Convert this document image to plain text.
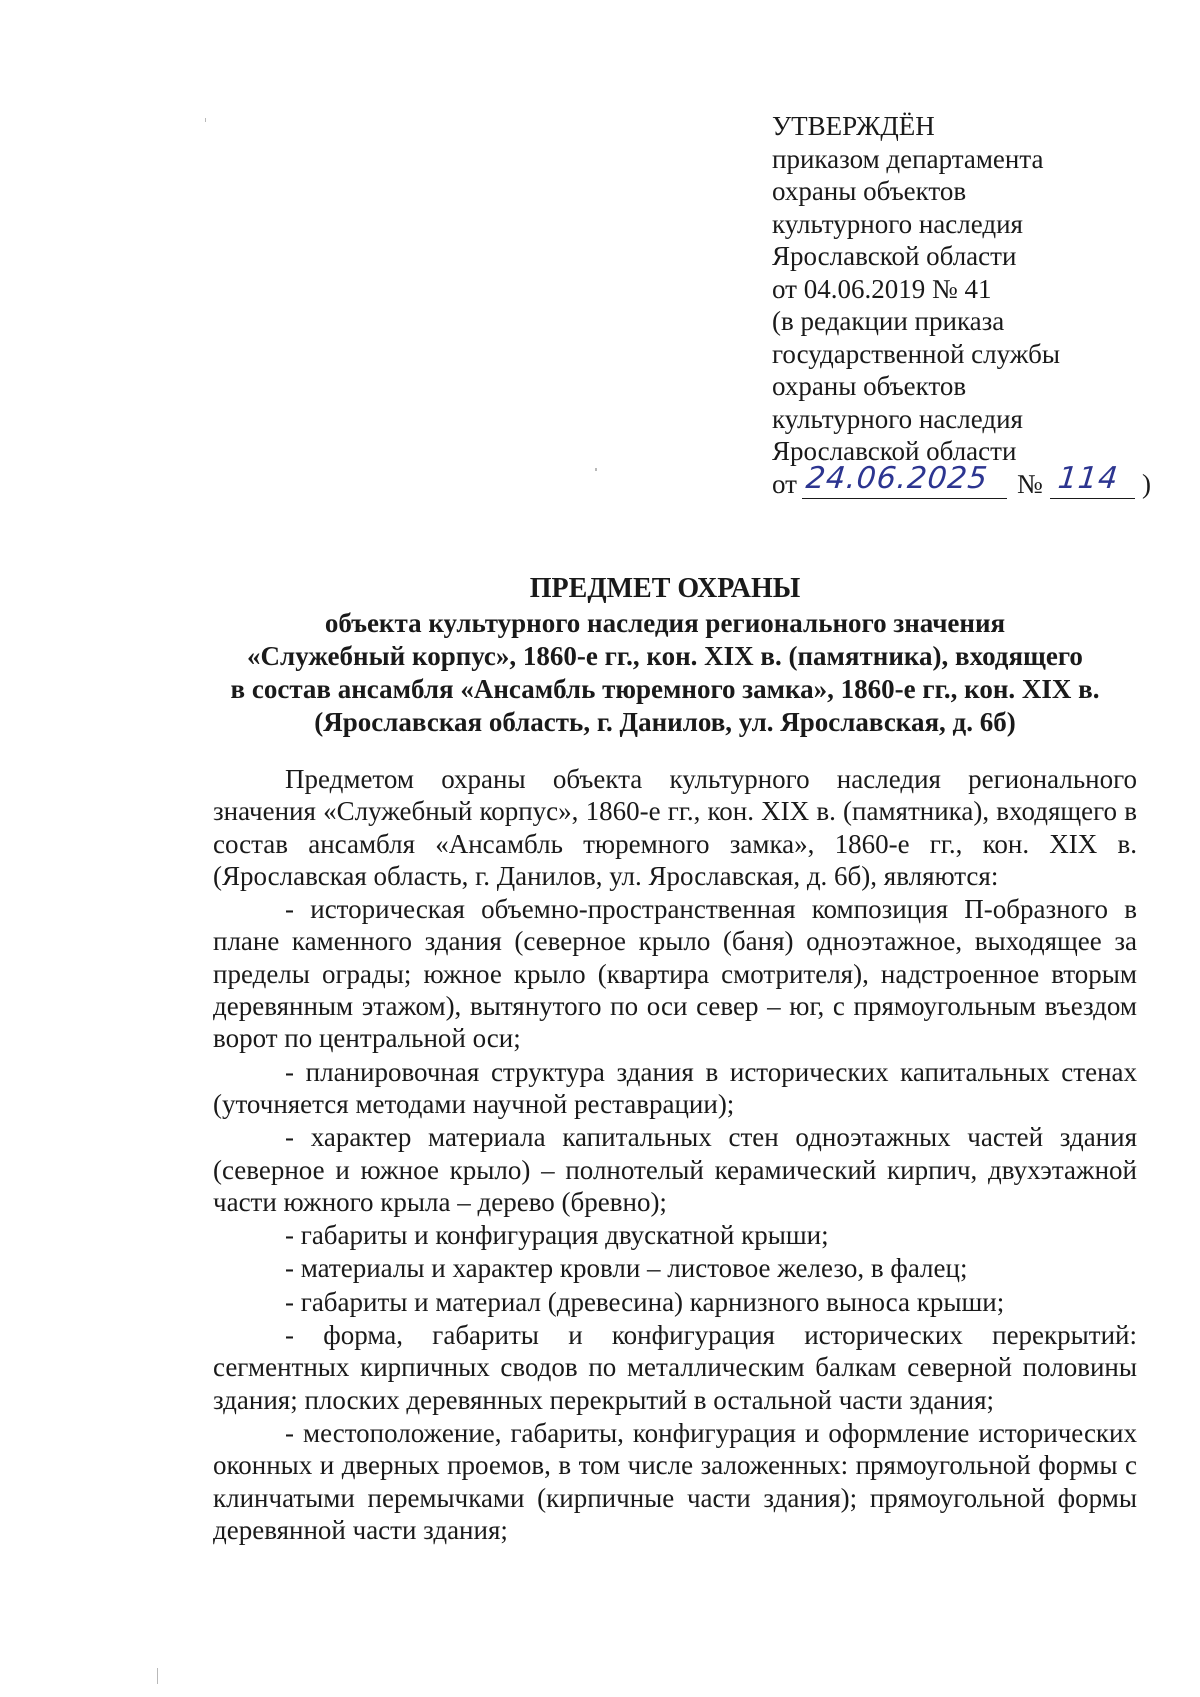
УТВЕРЖДЁН
приказом департамента
охраны объектов
культурного наследия
Ярославской области
от 04.06.2019 № 41
(в редакции приказа
государственной службы
охраны объектов
культурного наследия
Ярославской области
от 24.06.2025 № 114 )
ПРЕДМЕТ ОХРАНЫ
объекта культурного наследия регионального значения
«Служебный корпус», 1860-е гг., кон. XIX в. (памятника), входящего
в состав ансамбля «Ансамбль тюремного замка», 1860-е гг., кон. XIX в.
(Ярославская область, г. Данилов, ул. Ярославская, д. 6б)

Предметом охраны объекта культурного наследия регионального значения «Служебный корпус», 1860-е гг., кон. XIX в. (памятника), входящего в состав ансамбля «Ансамбль тюремного замка», 1860-е гг., кон. XIX в. (Ярославская область, г. Данилов, ул. Ярославская, д. 6б), являются:

- историческая объемно-пространственная композиция П-образного в плане каменного здания (северное крыло (баня) одноэтажное, выходящее за пределы ограды; южное крыло (квартира смотрителя), надстроенное вторым деревянным этажом), вытянутого по оси север – юг, с прямоугольным въездом ворот по центральной оси;

- планировочная структура здания в исторических капитальных стенах (уточняется методами научной реставрации);

- характер материала капитальных стен одноэтажных частей здания (северное и южное крыло) – полнотелый керамический кирпич, двухэтажной части южного крыла – дерево (бревно);

- габариты и конфигурация двускатной крыши;

- материалы и характер кровли – листовое железо, в фалец;

- габариты и материал (древесина) карнизного выноса крыши;

- форма, габариты и конфигурация исторических перекрытий: сегментных кирпичных сводов по металлическим балкам северной половины здания; плоских деревянных перекрытий в остальной части здания;

- местоположение, габариты, конфигурация и оформление исторических оконных и дверных проемов, в том числе заложенных: прямоугольной формы с клинчатыми перемычками (кирпичные части здания); прямоугольной формы деревянной части здания;
